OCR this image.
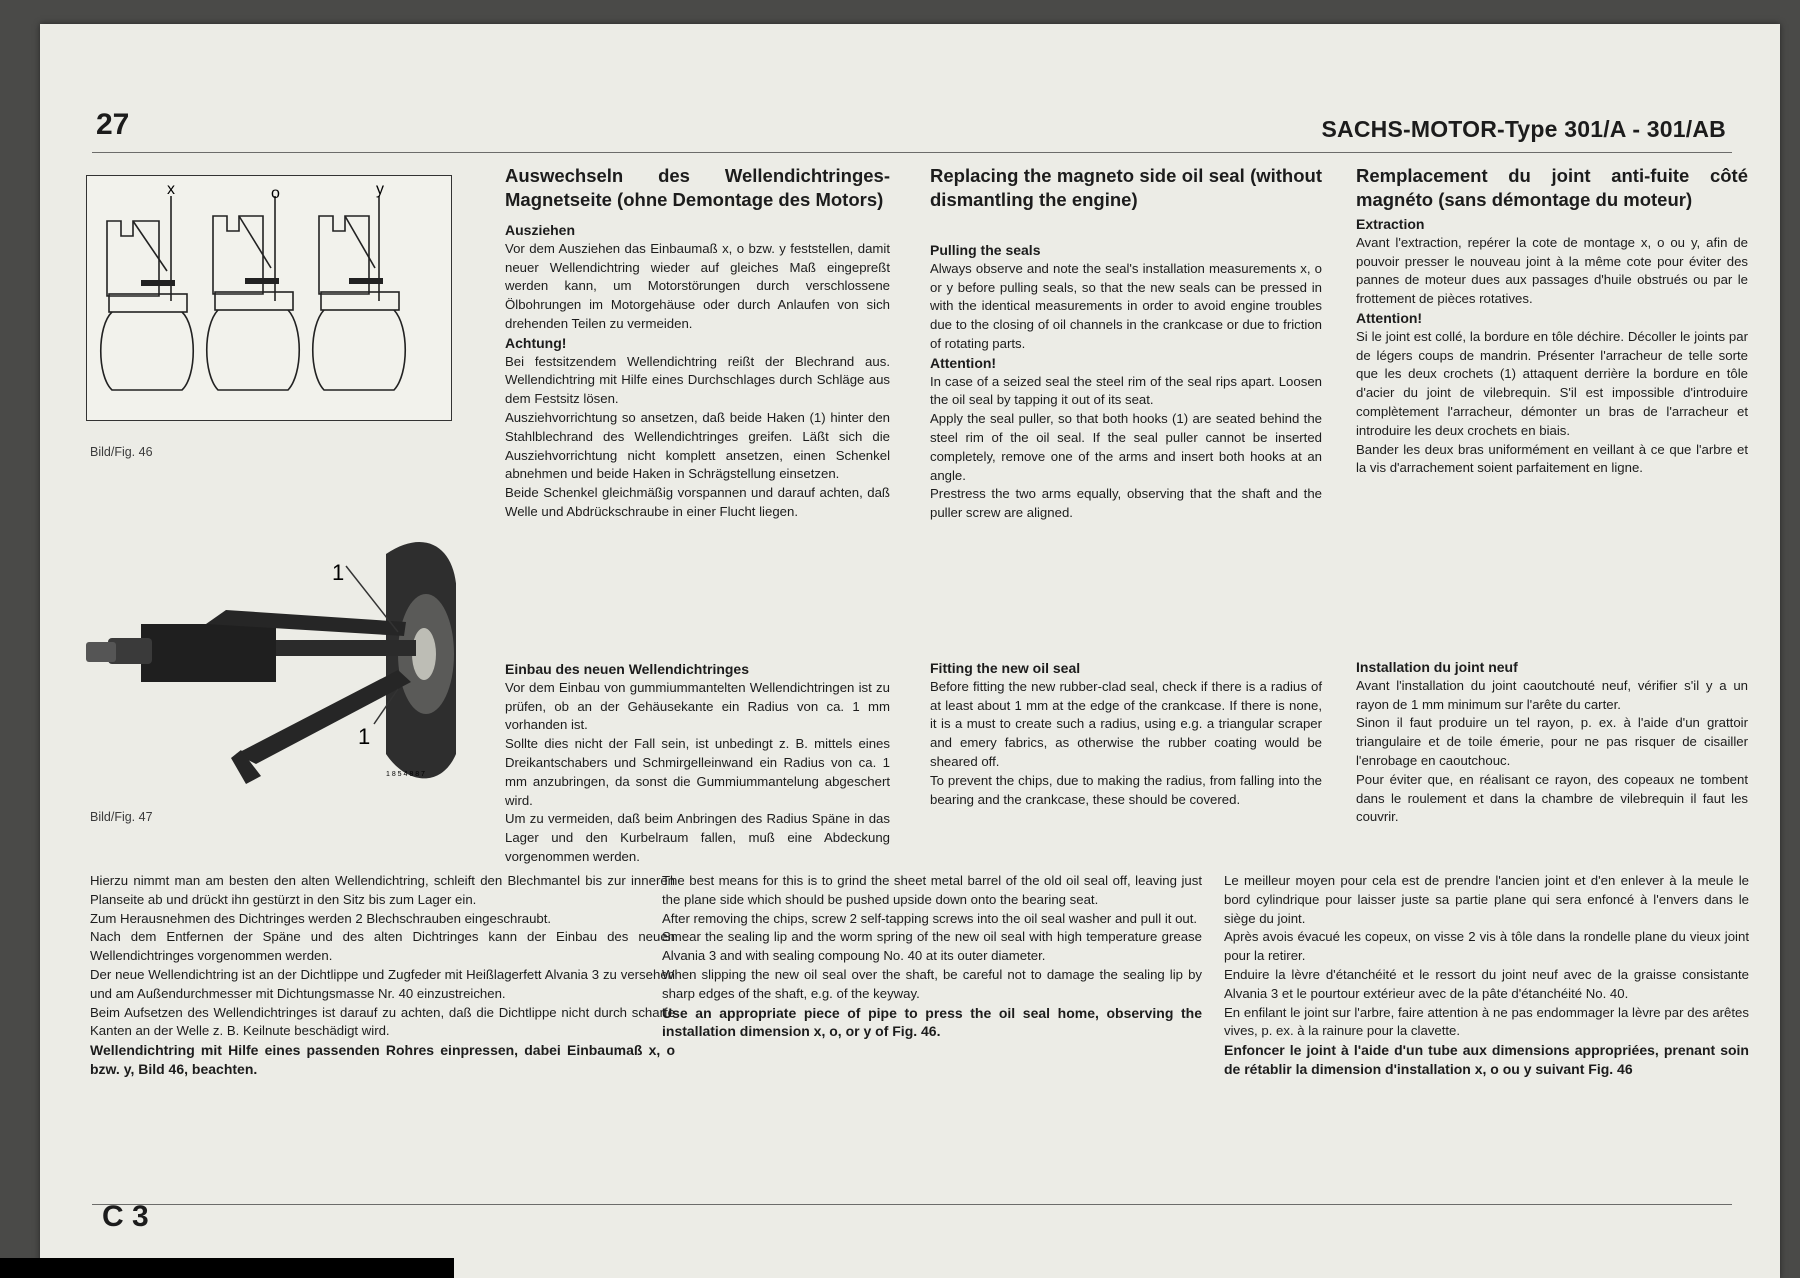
27	SACHS-MOTOR-Type 301/A - 301/AB
x	o	y
Bild/Fig. 46
1
1
1 8 5 4 8 8 7
Bild/Fig. 47

Auswechseln des Wellendichtringes-Magnetseite (ohne Demontage des Motors)

Ausziehen

Vor dem Ausziehen das Einbaumaß x, o bzw. y feststellen, damit neuer Wellendichtring wieder auf gleiches Maß eingepreßt werden kann, um Motorstörungen durch verschlossene Ölbohrungen im Motorgehäuse oder durch Anlaufen von sich drehenden Teilen zu vermeiden.

Achtung!

Bei festsitzendem Wellendichtring reißt der Blechrand aus. Wellendichtring mit Hilfe eines Durchschlages durch Schläge aus dem Festsitz lösen.

Ausziehvorrichtung so ansetzen, daß beide Haken (1) hinter den Stahlblechrand des Wellendichtringes greifen. Läßt sich die Ausziehvorrichtung nicht komplett ansetzen, einen Schenkel abnehmen und beide Haken in Schrägstellung einsetzen.

Beide Schenkel gleichmäßig vorspannen und darauf achten, daß Welle und Abdrückschraube in einer Flucht liegen.

Einbau des neuen Wellendichtringes

Vor dem Einbau von gummiummantelten Wellendichtringen ist zu prüfen, ob an der Gehäusekante ein Radius von ca. 1 mm vorhanden ist.

Sollte dies nicht der Fall sein, ist unbedingt z. B. mittels eines Dreikantschabers und Schmirgelleinwand ein Radius von ca. 1 mm anzubringen, da sonst die Gummiummantelung abgeschert wird.

Um zu vermeiden, daß beim Anbringen des Radius Späne in das Lager und den Kurbelraum fallen, muß eine Abdeckung vorgenommen werden.

Replacing the magneto side oil seal (without dismantling the engine)

Pulling the seals

Always observe and note the seal's installation measurements x, o or y before pulling seals, so that the new seals can be pressed in with the identical measurements in order to avoid engine troubles due to the closing of oil channels in the crankcase or due to friction of rotating parts.

Attention!

In case of a seized seal the steel rim of the seal rips apart. Loosen the oil seal by tapping it out of its seat.

Apply the seal puller, so that both hooks (1) are seated behind the steel rim of the oil seal. If the seal puller cannot be inserted completely, remove one of the arms and insert both hooks at an angle.

Prestress the two arms equally, observing that the shaft and the puller screw are aligned.

Fitting the new oil seal

Before fitting the new rubber-clad seal, check if there is a radius of at least about 1 mm at the edge of the crankcase. If there is none, it is a must to create such a radius, using e.g. a triangular scraper and emery fabrics, as otherwise the rubber coating would be sheared off.

To prevent the chips, due to making the radius, from falling into the bearing and the crankcase, these should be covered.

Remplacement du joint anti-fuite côté magnéto (sans démontage du moteur)

Extraction

Avant l'extraction, repérer la cote de montage x, o ou y, afin de pouvoir presser le nouveau joint à la même cote pour éviter des pannes de moteur dues aux passages d'huile obstrués ou par le frottement de pièces rotatives.

Attention!

Si le joint est collé, la bordure en tôle déchire. Décoller le joints par de légers coups de mandrin. Présenter l'arracheur de telle sorte que les deux crochets (1) attaquent derrière la bordure en tôle d'acier du joint de vilebrequin. S'il est impossible d'introduire complètement l'arracheur, démonter un bras de l'arracheur et introduire les deux crochets en biais.

Bander les deux bras uniformément en veillant à ce que l'arbre et la vis d'arrachement soient parfaitement en ligne.

Installation du joint neuf

Avant l'installation du joint caoutchouté neuf, vérifier s'il y a un rayon de 1 mm minimum sur l'arête du carter.

Sinon il faut produire un tel rayon, p. ex. à l'aide d'un grattoir triangulaire et de toile émerie, pour ne pas risquer de cisailler l'enrobage en caoutchouc.

Pour éviter que, en réalisant ce rayon, des copeaux ne tombent dans le roulement et dans la chambre de vilebrequin il faut les couvrir.

Hierzu nimmt man am besten den alten Wellendichtring, schleift den Blechmantel bis zur inneren Planseite ab und drückt ihn gestürzt in den Sitz bis zum Lager ein.

Zum Herausnehmen des Dichtringes werden 2 Blechschrauben eingeschraubt.

Nach dem Entfernen der Späne und des alten Dichtringes kann der Einbau des neuen Wellendichtringes vorgenommen werden.

Der neue Wellendichtring ist an der Dichtlippe und Zugfeder mit Heißlagerfett Alvania 3 zu versehen und am Außendurchmesser mit Dichtungsmasse Nr. 40 einzustreichen.

Beim Aufsetzen des Wellendichtringes ist darauf zu achten, daß die Dichtlippe nicht durch scharfe Kanten an der Welle z. B. Keilnute beschädigt wird.

Wellendichtring mit Hilfe eines passenden Rohres einpressen, dabei Einbaumaß x, o bzw. y, Bild 46, beachten.

The best means for this is to grind the sheet metal barrel of the old oil seal off, leaving just the plane side which should be pushed upside down onto the bearing seat.

After removing the chips, screw 2 self-tapping screws into the oil seal washer and pull it out.

Smear the sealing lip and the worm spring of the new oil seal with high temperature grease Alvania 3 and with sealing compoung No. 40 at its outer diameter.

When slipping the new oil seal over the shaft, be careful not to damage the sealing lip by sharp edges of the shaft, e.g. of the keyway.

Use an appropriate piece of pipe to press the oil seal home, observing the installation dimension x, o, or y of Fig. 46.

Le meilleur moyen pour cela est de prendre l'ancien joint et d'en enlever à la meule le bord cylindrique pour laisser juste sa partie plane qui sera enfoncé à l'envers dans le siège du joint.

Après avois évacué les copeux, on visse 2 vis à tôle dans la rondelle plane du vieux joint pour la retirer.

Enduire la lèvre d'étanchéité et le ressort du joint neuf avec de la graisse consistante Alvania 3 et le pourtour extérieur avec de la pâte d'étanchéité No. 40.

En enfilant le joint sur l'arbre, faire attention à ne pas endommager la lèvre par des arêtes vives, p. ex. à la rainure pour la clavette.

Enfoncer le joint à l'aide d'un tube aux dimensions appropriées, prenant soin de rétablir la dimension d'installation x, o ou y suivant Fig. 46

C 3
